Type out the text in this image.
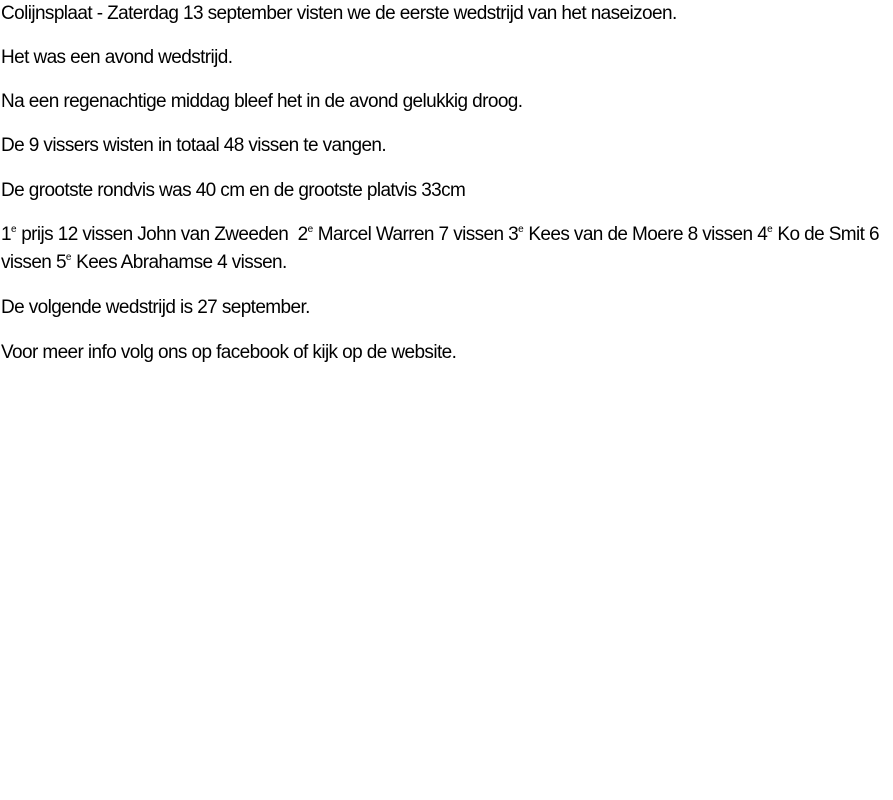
Colijnsplaat - Zaterdag 13 september visten we de eerste wedstrijd van het naseizoen.

Het was een avond wedstrijd.

Na een regenachtige middag bleef het in de avond gelukkig droog.

De 9 vissers wisten in totaal 48 vissen te vangen.

De grootste rondvis was 40 cm en de grootste platvis 33cm

1e prijs 12 vissen John van Zweeden  2e Marcel Warren 7 vissen 3e Kees van de Moere 8 vissen 4e Ko de Smit 6 vissen 5e Kees Abrahamse 4 vissen.

De volgende wedstrijd is 27 september.

Voor meer info volg ons op facebook of kijk op de website.
